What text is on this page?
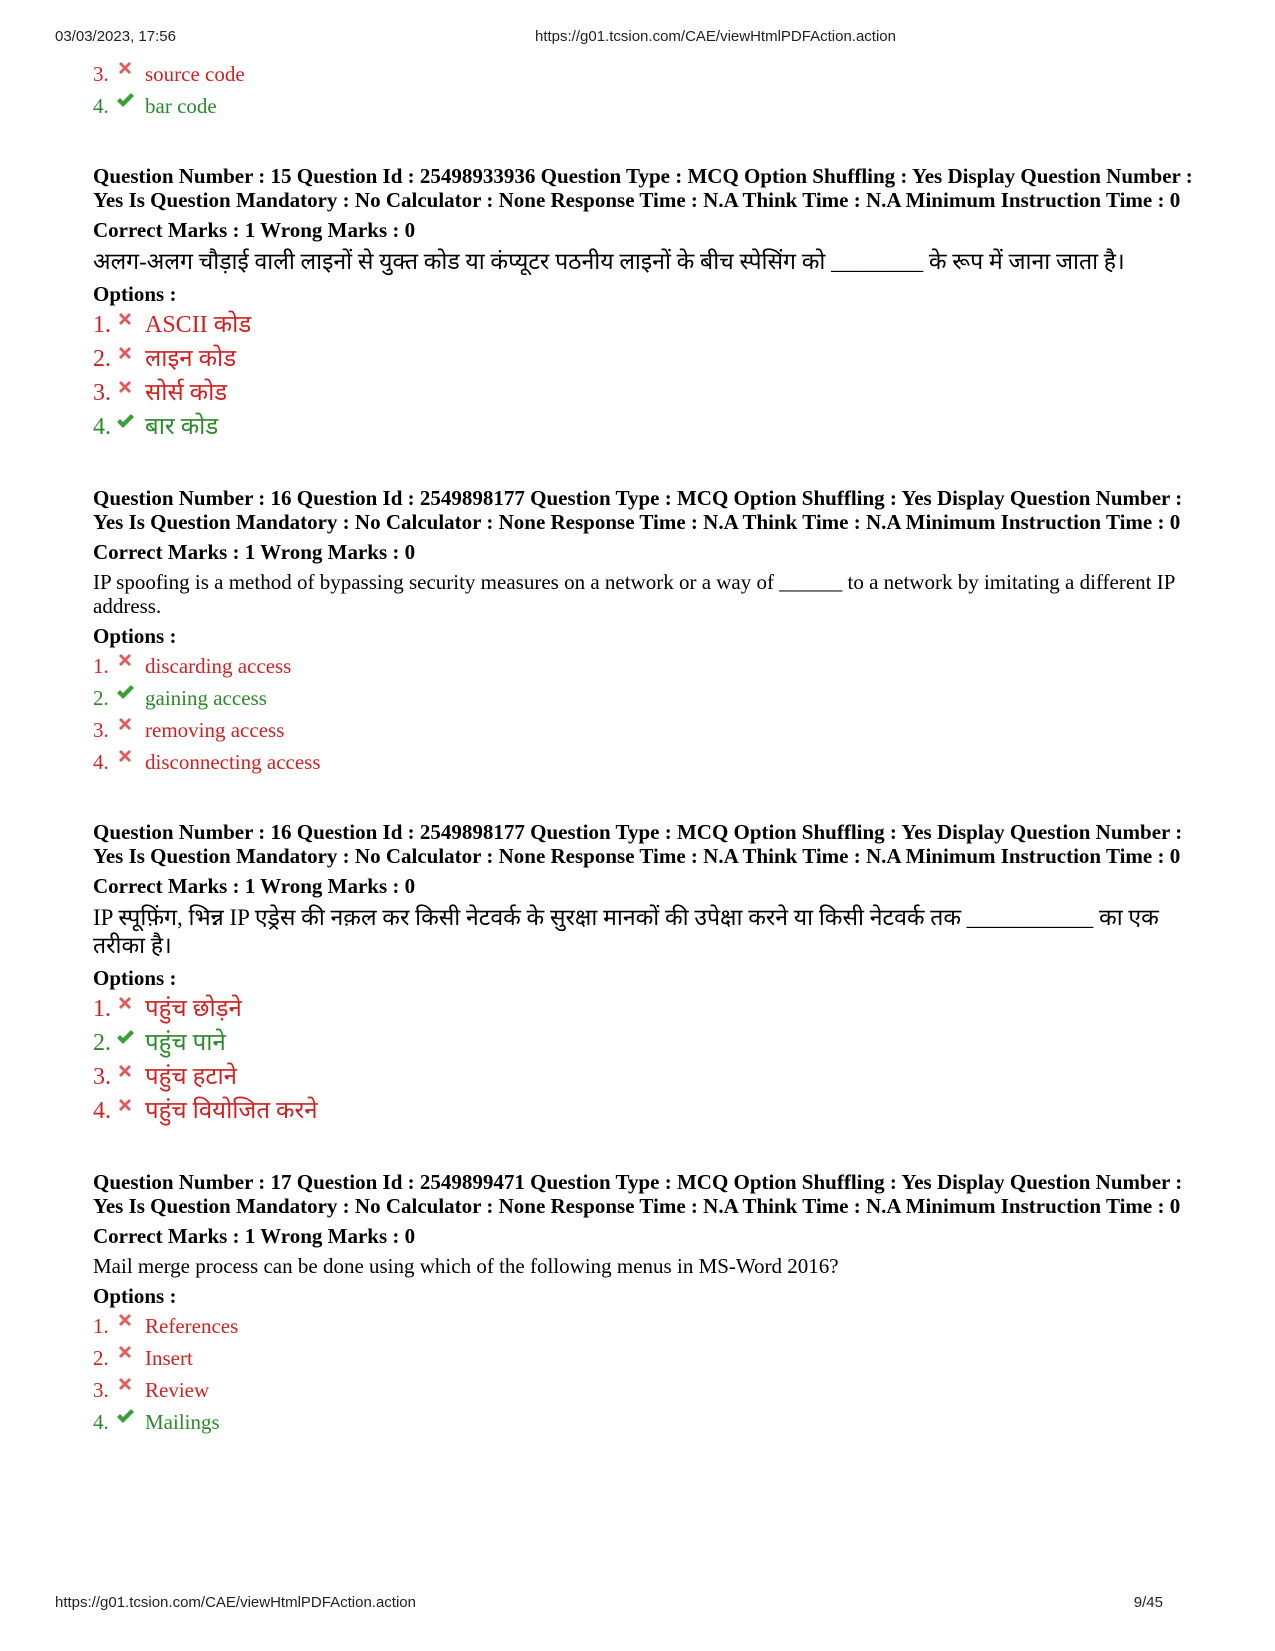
03/03/2023, 17:56	https://g01.tcsion.com/CAE/viewHtmlPDFAction.action
3. source code
4. bar code
Question Number : 15 Question Id : 25498933936 Question Type : MCQ Option Shuffling : Yes Display Question Number : Yes Is Question Mandatory : No Calculator : None Response Time : N.A Think Time : N.A Minimum Instruction Time : 0
Correct Marks : 1 Wrong Marks : 0
अलग-अलग चौड़ाई वाली लाइनों से युक्त कोड या कंप्यूटर पठनीय लाइनों के बीच स्पेसिंग को ________ के रूप में जाना जाता है।
Options :
1. ASCII कोड
2. लाइन कोड
3. सोर्स कोड
4. बार कोड
Question Number : 16 Question Id : 2549898177 Question Type : MCQ Option Shuffling : Yes Display Question Number : Yes Is Question Mandatory : No Calculator : None Response Time : N.A Think Time : N.A Minimum Instruction Time : 0
Correct Marks : 1 Wrong Marks : 0
IP spoofing is a method of bypassing security measures on a network or a way of ______ to a network by imitating a different IP address.
Options :
1. discarding access
2. gaining access
3. removing access
4. disconnecting access
Question Number : 16 Question Id : 2549898177 Question Type : MCQ Option Shuffling : Yes Display Question Number : Yes Is Question Mandatory : No Calculator : None Response Time : N.A Think Time : N.A Minimum Instruction Time : 0
Correct Marks : 1 Wrong Marks : 0
IP स्पूफ़िंग, भिन्न IP एड्रेस की नक़ल कर किसी नेटवर्क के सुरक्षा मानकों की उपेक्षा करने या किसी नेटवर्क तक ___________ का एक तरीका है।
Options :
1. पहुंच छोड़ने
2. पहुंच पाने
3. पहुंच हटाने
4. पहुंच वियोजित करने
Question Number : 17 Question Id : 2549899471 Question Type : MCQ Option Shuffling : Yes Display Question Number : Yes Is Question Mandatory : No Calculator : None Response Time : N.A Think Time : N.A Minimum Instruction Time : 0
Correct Marks : 1 Wrong Marks : 0
Mail merge process can be done using which of the following menus in MS-Word 2016?
Options :
1. References
2. Insert
3. Review
4. Mailings
https://g01.tcsion.com/CAE/viewHtmlPDFAction.action	9/45
